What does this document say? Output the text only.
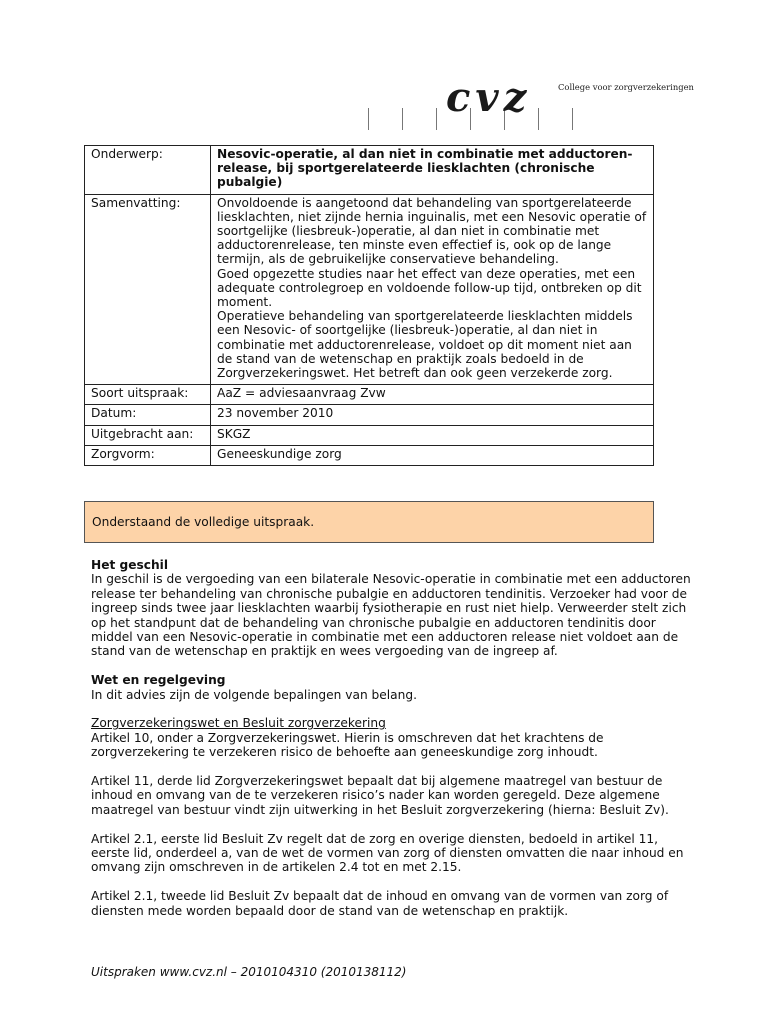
cvz	College voor zorgverzekeringen
Onderwerp:	Nesovic-operatie, al dan niet in combinatie met adductoren-release, bij sportgerelateerde liesklachten (chronische pubalgie)
Samenvatting:	Onvoldoende is aangetoond dat behandeling van sportgerelateerde liesklachten, niet zijnde hernia inguinalis, met een Nesovic operatie of soortgelijke (liesbreuk-)operatie, al dan niet in combinatie met adductorenrelease, ten minste even effectief is, ook op de lange termijn, als de gebruikelijke conservatieve behandeling.

Goed opgezette studies naar het effect van deze operaties, met een adequate controlegroep en voldoende follow-up tijd, ontbreken op dit moment.

Operatieve behandeling van sportgerelateerde liesklachten middels een Nesovic- of soortgelijke (liesbreuk-)operatie, al dan niet in combinatie met adductorenrelease, voldoet op dit moment niet aan de stand van de wetenschap en praktijk zoals bedoeld in de Zorgverzekeringswet. Het betreft dan ook geen verzekerde zorg.

Soort uitspraak:	AaZ = adviesaanvraag Zvw
Datum:	23 november 2010
Uitgebracht aan:	SKGZ
Zorgvorm:	Geneeskundige zorg
Onderstaand de volledige uitspraak.
Het geschil

In geschil is de vergoeding van een bilaterale Nesovic-operatie in combinatie met een adductoren release ter behandeling van chronische pubalgie en adductoren tendinitis. Verzoeker had voor de ingreep sinds twee jaar liesklachten waarbij fysiotherapie en rust niet hielp. Verweerder stelt zich op het standpunt dat de behandeling van chronische pubalgie en adductoren tendinitis door middel van een Nesovic-operatie in combinatie met een adductoren release niet voldoet aan de stand van de wetenschap en praktijk en wees vergoeding van de ingreep af.

Wet en regelgeving

In dit advies zijn de volgende bepalingen van belang.

Zorgverzekeringswet en Besluit zorgverzekering

Artikel 10, onder a Zorgverzekeringswet. Hierin is omschreven dat het krachtens de zorgverzekering te verzekeren risico de behoefte aan geneeskundige zorg inhoudt.

Artikel 11, derde lid Zorgverzekeringswet bepaalt dat bij algemene maatregel van bestuur de inhoud en omvang van de te verzekeren risico’s nader kan worden geregeld. Deze algemene maatregel van bestuur vindt zijn uitwerking in het Besluit zorgverzekering (hierna: Besluit Zv).

Artikel 2.1, eerste lid Besluit Zv regelt dat de zorg en overige diensten, bedoeld in artikel 11, eerste lid, onderdeel a, van de wet de vormen van zorg of diensten omvatten die naar inhoud en omvang zijn omschreven in de artikelen 2.4 tot en met 2.15.

Artikel 2.1, tweede lid Besluit Zv bepaalt dat de inhoud en omvang van de vormen van zorg of diensten mede worden bepaald door de stand van de wetenschap en praktijk.

Uitspraken www.cvz.nl – 2010104310 (2010138112)
